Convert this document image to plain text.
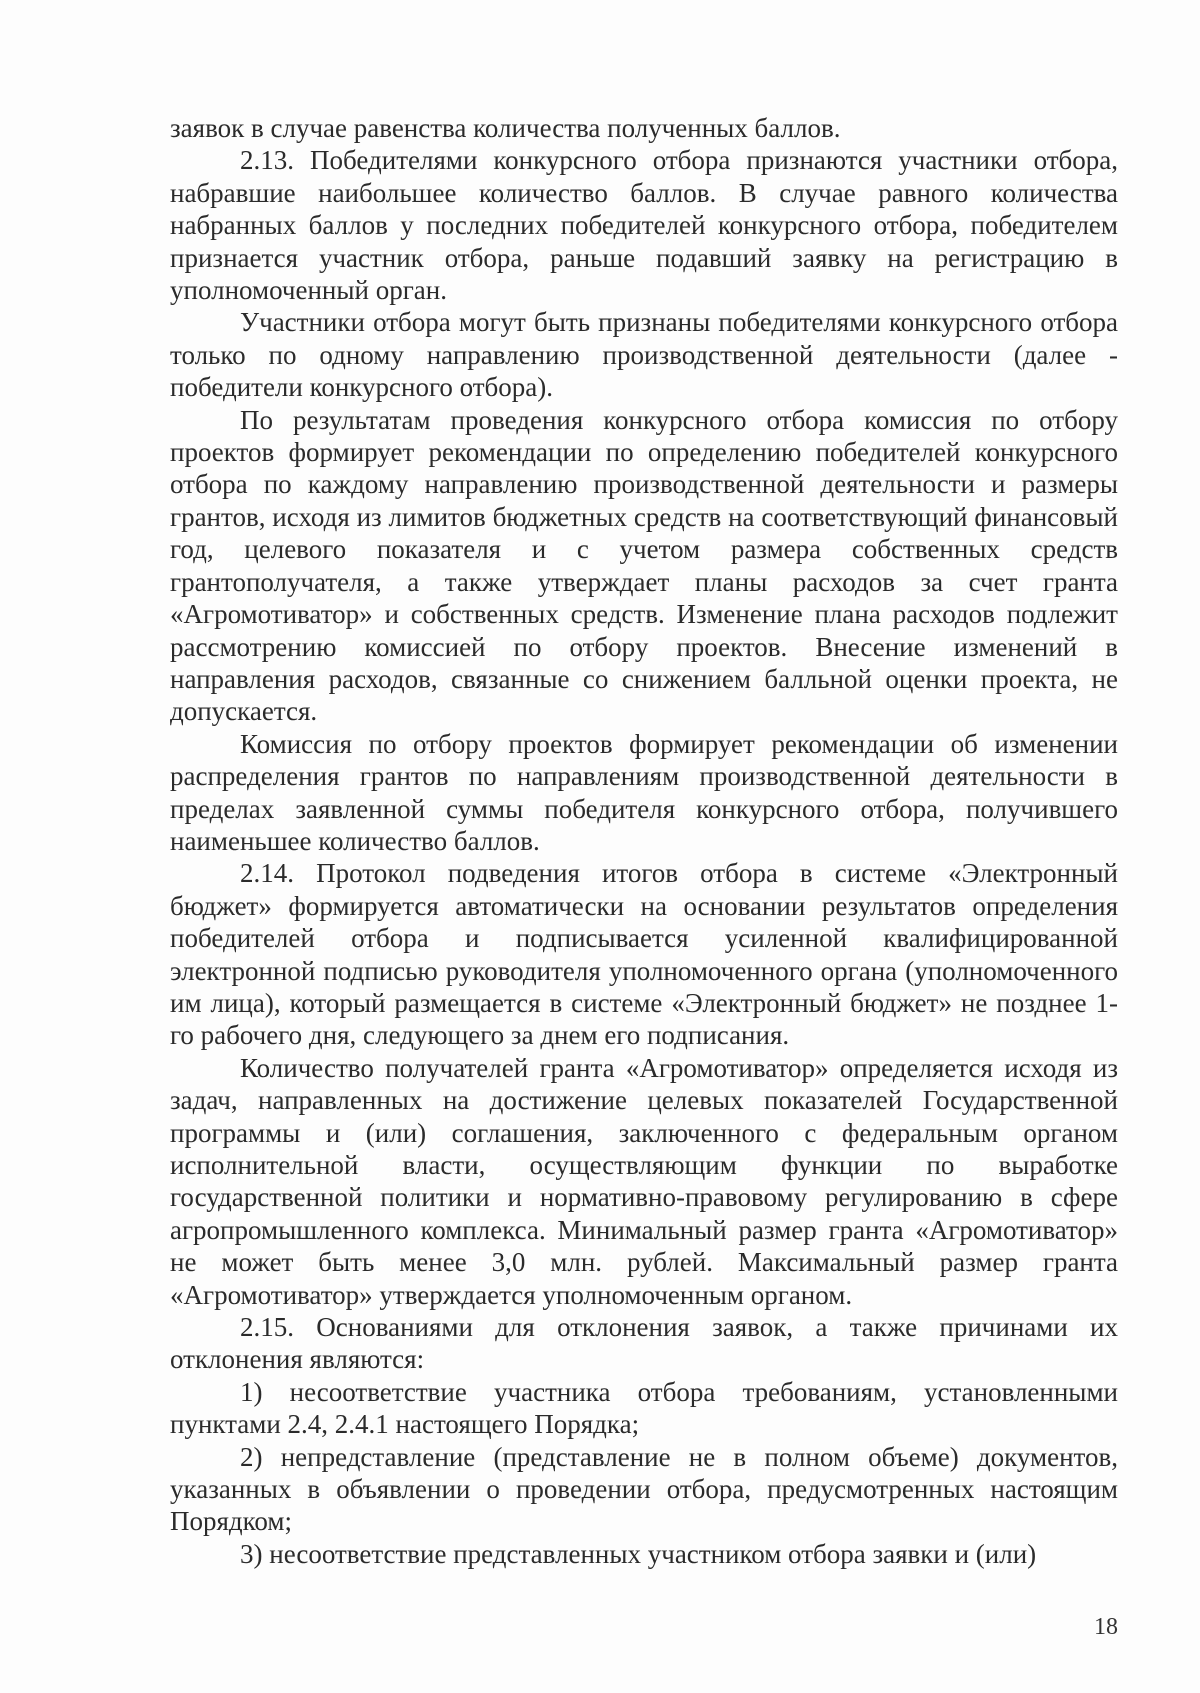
заявок в случае равенства количества полученных баллов.

2.13. Победителями конкурсного отбора признаются участники отбора, набравшие наибольшее количество баллов. В случае равного количества набранных баллов у последних победителей конкурсного отбора, победителем признается участник отбора, раньше подавший заявку на регистрацию в уполномоченный орган.

Участники отбора могут быть признаны победителями конкурсного отбора только по одному направлению производственной деятельности (далее - победители конкурсного отбора).

По результатам проведения конкурсного отбора комиссия по отбору проектов формирует рекомендации по определению победителей конкурсного отбора по каждому направлению производственной деятельности и размеры грантов, исходя из лимитов бюджетных средств на соответствующий финансовый год, целевого показателя и с учетом размера собственных средств грантополучателя, а также утверждает планы расходов за счет гранта «Агромотиватор» и собственных средств. Изменение плана расходов подлежит рассмотрению комиссией по отбору проектов. Внесение изменений в направления расходов, связанные со снижением балльной оценки проекта, не допускается.

Комиссия по отбору проектов формирует рекомендации об изменении распределения грантов по направлениям производственной деятельности в пределах заявленной суммы победителя конкурсного отбора, получившего наименьшее количество баллов.

2.14. Протокол подведения итогов отбора в системе «Электронный бюджет» формируется автоматически на основании результатов определения победителей отбора и подписывается усиленной квалифицированной электронной подписью руководителя уполномоченного органа (уполномоченного им лица), который размещается в системе «Электронный бюджет» не позднее 1-го рабочего дня, следующего за днем его подписания.

Количество получателей гранта «Агромотиватор» определяется исходя из задач, направленных на достижение целевых показателей Государственной программы и (или) соглашения, заключенного с федеральным органом исполнительной власти, осуществляющим функции по выработке государственной политики и нормативно-правовому регулированию в сфере агропромышленного комплекса. Минимальный размер гранта «Агромотиватор» не может быть менее 3,0 млн. рублей. Максимальный размер гранта «Агромотиватор» утверждается уполномоченным органом.

2.15. Основаниями для отклонения заявок, а также причинами их отклонения являются:

1) несоответствие участника отбора требованиям, установленными пунктами 2.4, 2.4.1 настоящего Порядка;

2) непредставление (представление не в полном объеме) документов, указанных в объявлении о проведении отбора, предусмотренных настоящим Порядком;

3) несоответствие представленных участником отбора заявки и (или)

18
